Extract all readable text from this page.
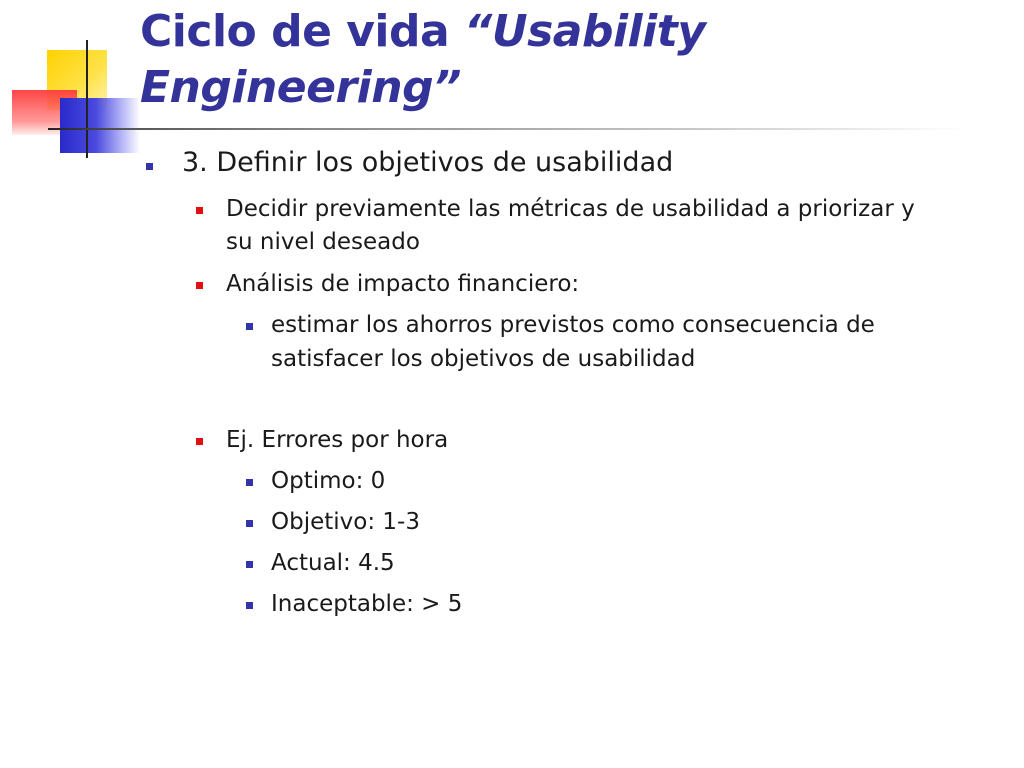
Ciclo de vida “Usability
Engineering”

3. Definir los objetivos de usabilidad

Decidir previamente las métricas de usabilidad a priorizar y

su nivel deseado

Análisis de impacto financiero:

estimar los ahorros previstos como consecuencia de

satisfacer los objetivos de usabilidad

Ej. Errores por hora

Optimo: 0

Objetivo: 1-3

Actual: 4.5

Inaceptable: > 5
